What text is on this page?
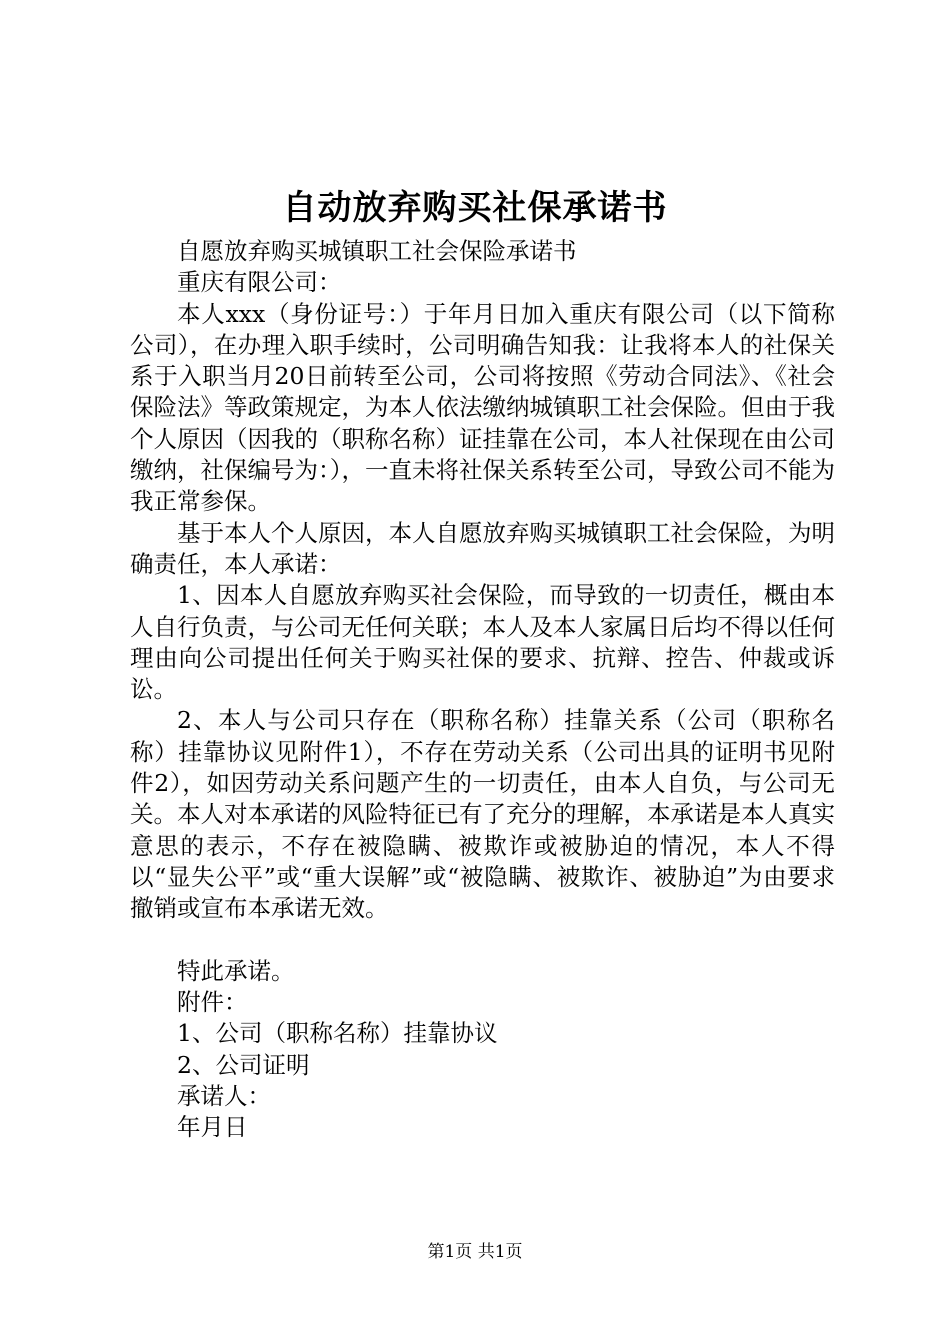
自动放弃购买社保承诺书

自愿放弃购买城镇职工社会保险承诺书

重庆有限公司：

本人xxx（身份证号：）于年月日加入重庆有限公司（以下简称公司），在办理入职手续时，公司明确告知我：让我将本人的社保关系于入职当月20日前转至公司，公司将按照《劳动合同法》、《社会保险法》等政策规定，为本人依法缴纳城镇职工社会保险。但由于我个人原因（因我的（职称名称）证挂靠在公司，本人社保现在由公司缴纳，社保编号为：），一直未将社保关系转至公司，导致公司不能为我正常参保。

基于本人个人原因，本人自愿放弃购买城镇职工社会保险，为明确责任，本人承诺：

1、因本人自愿放弃购买社会保险，而导致的一切责任，概由本人自行负责，与公司无任何关联；本人及本人家属日后均不得以任何理由向公司提出任何关于购买社保的要求、抗辩、控告、仲裁或诉讼。

2、本人与公司只存在（职称名称）挂靠关系（公司（职称名称）挂靠协议见附件1），不存在劳动关系（公司出具的证明书见附件2），如因劳动关系问题产生的一切责任，由本人自负，与公司无关。本人对本承诺的风险特征已有了充分的理解，本承诺是本人真实意思的表示，不存在被隐瞒、被欺诈或被胁迫的情况，本人不得以“显失公平”或“重大误解”或“被隐瞒、被欺诈、被胁迫”为由要求撤销或宣布本承诺无效。

特此承诺。

附件：

1、公司（职称名称）挂靠协议

2、公司证明

承诺人：

年月日

第1页 共1页
